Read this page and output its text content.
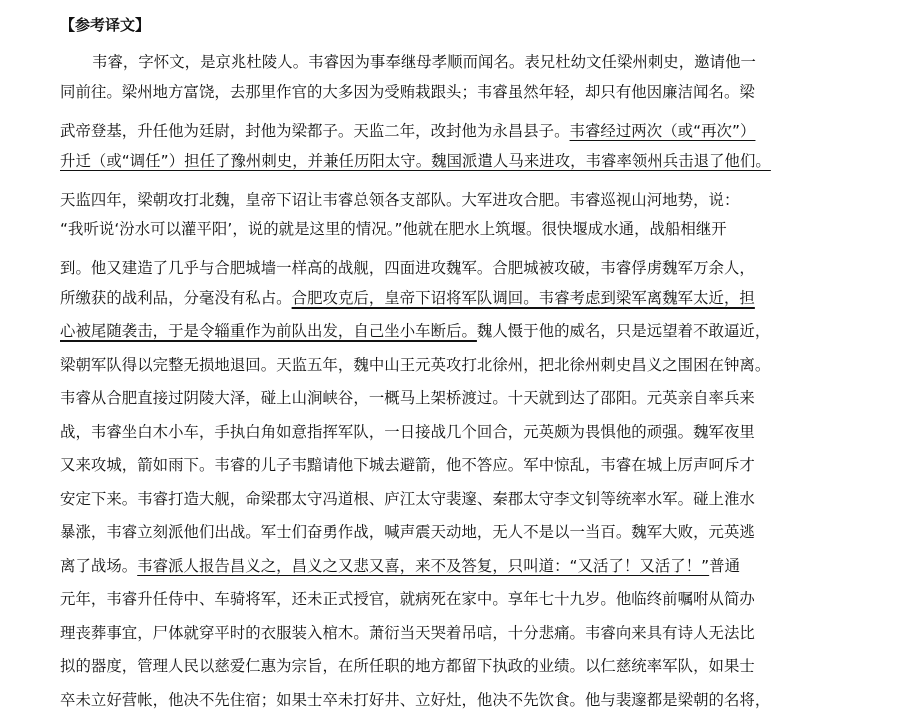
【参考译文】
韦睿，字怀文，是京兆杜陵人。韦睿因为事奉继母孝顺而闻名。表兄杜幼文任梁州刺史，邀请他一
同前往。梁州地方富饶，去那里作官的大多因为受贿栽跟头；韦睿虽然年轻，却只有他因廉洁闻名。梁
武帝登基，升任他为廷尉，封他为梁都子。天监二年，改封他为永昌县子。韦睿经过两次（或“再次”）
升迁（或“调任”）担任了豫州刺史，并兼任历阳太守。魏国派遣人马来进攻，韦睿率领州兵击退了他们。
天监四年，梁朝攻打北魏，皇帝下诏让韦睿总领各支部队。大军进攻合肥。韦睿巡视山河地势，说：
“我听说‘汾水可以灌平阳’，说的就是这里的情况。”他就在肥水上筑堰。很快堰成水通，战船相继开
到。他又建造了几乎与合肥城墙一样高的战舰，四面进攻魏军。合肥城被攻破，韦睿俘虏魏军万余人，
所缴获的战利品，分毫没有私占。合肥攻克后，皇帝下诏将军队调回。韦睿考虑到梁军离魏军太近，担
心被尾随袭击，于是令辎重作为前队出发，自己坐小车断后。魏人慑于他的威名，只是远望着不敢逼近，
梁朝军队得以完整无损地退回。天监五年，魏中山王元英攻打北徐州，把北徐州刺史昌义之围困在钟离。
韦睿从合肥直接过阴陵大泽，碰上山涧峡谷，一概马上架桥渡过。十天就到达了邵阳。元英亲自率兵来
战，韦睿坐白木小车，手执白角如意指挥军队，一日接战几个回合，元英颇为畏惧他的顽强。魏军夜里
又来攻城，箭如雨下。韦睿的儿子韦黯请他下城去避箭，他不答应。军中惊乱，韦睿在城上厉声呵斥才
安定下来。韦睿打造大舰，命梁郡太守冯道根、庐江太守裴邃、秦郡太守李文钊等统率水军。碰上淮水
暴涨，韦睿立刻派他们出战。军士们奋勇作战，喊声震天动地，无人不是以一当百。魏军大败，元英逃
离了战场。韦睿派人报告昌义之，昌义之又悲又喜，来不及答复，只叫道：“又活了！又活了！”普通
元年，韦睿升任侍中、车骑将军，还未正式授官，就病死在家中。享年七十九岁。他临终前嘱咐从简办
理丧葬事宜，尸体就穿平时的衣服装入棺木。萧衍当天哭着吊唁，十分悲痛。韦睿向来具有诗人无法比
拟的器度，管理人民以慈爱仁惠为宗旨，在所任职的地方都留下执政的业绩。以仁慈统率军队，如果士
卒未立好营帐，他决不先住宿；如果士卒未打好井、立好灶，他决不先饮食。他与裴邃都是梁朝的名将，
